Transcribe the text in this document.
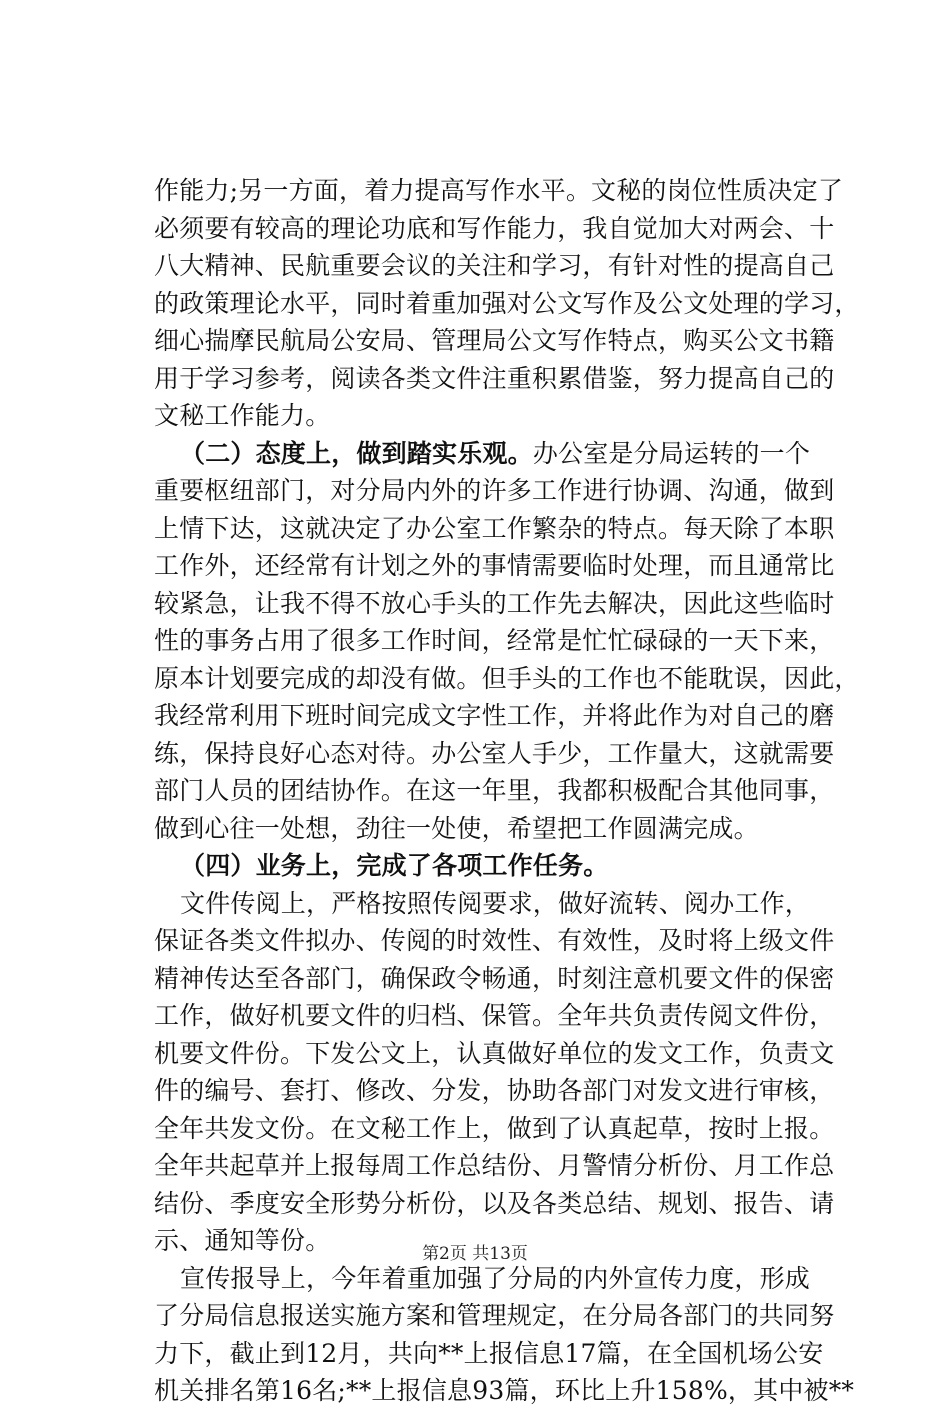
作能力;另一方面，着力提高写作水平。文秘的岗位性质决定了
必须要有较高的理论功底和写作能力，我自觉加大对两会、十
八大精神、民航重要会议的关注和学习，有针对性的提高自己
的政策理论水平，同时着重加强对公文写作及公文处理的学习，
细心揣摩民航局公安局、管理局公文写作特点，购买公文书籍
用于学习参考，阅读各类文件注重积累借鉴，努力提高自己的
文秘工作能力。
（二）态度上，做到踏实乐观。办公室是分局运转的一个
重要枢纽部门，对分局内外的许多工作进行协调、沟通，做到
上情下达，这就决定了办公室工作繁杂的特点。每天除了本职
工作外，还经常有计划之外的事情需要临时处理，而且通常比
较紧急，让我不得不放心手头的工作先去解决，因此这些临时
性的事务占用了很多工作时间，经常是忙忙碌碌的一天下来，
原本计划要完成的却没有做。但手头的工作也不能耽误，因此，
我经常利用下班时间完成文字性工作，并将此作为对自己的磨
练，保持良好心态对待。办公室人手少，工作量大，这就需要
部门人员的团结协作。在这一年里，我都积极配合其他同事，
做到心往一处想，劲往一处使，希望把工作圆满完成。
（四）业务上，完成了各项工作任务。
文件传阅上，严格按照传阅要求，做好流转、阅办工作，
保证各类文件拟办、传阅的时效性、有效性，及时将上级文件
精神传达至各部门，确保政令畅通，时刻注意机要文件的保密
工作，做好机要文件的归档、保管。全年共负责传阅文件份，
机要文件份。下发公文上，认真做好单位的发文工作，负责文
件的编号、套打、修改、分发，协助各部门对发文进行审核，
全年共发文份。在文秘工作上，做到了认真起草，按时上报。
全年共起草并上报每周工作总结份、月警情分析份、月工作总
结份、季度安全形势分析份，以及各类总结、规划、报告、请
示、通知等份。
宣传报导上，今年着重加强了分局的内外宣传力度，形成
了分局信息报送实施方案和管理规定，在分局各部门的共同努
力下，截止到12月，共向**上报信息17篇，在全国机场公安
机关排名第16名;**上报信息93篇，环比上升158%，其中被**
第2页 共13页
